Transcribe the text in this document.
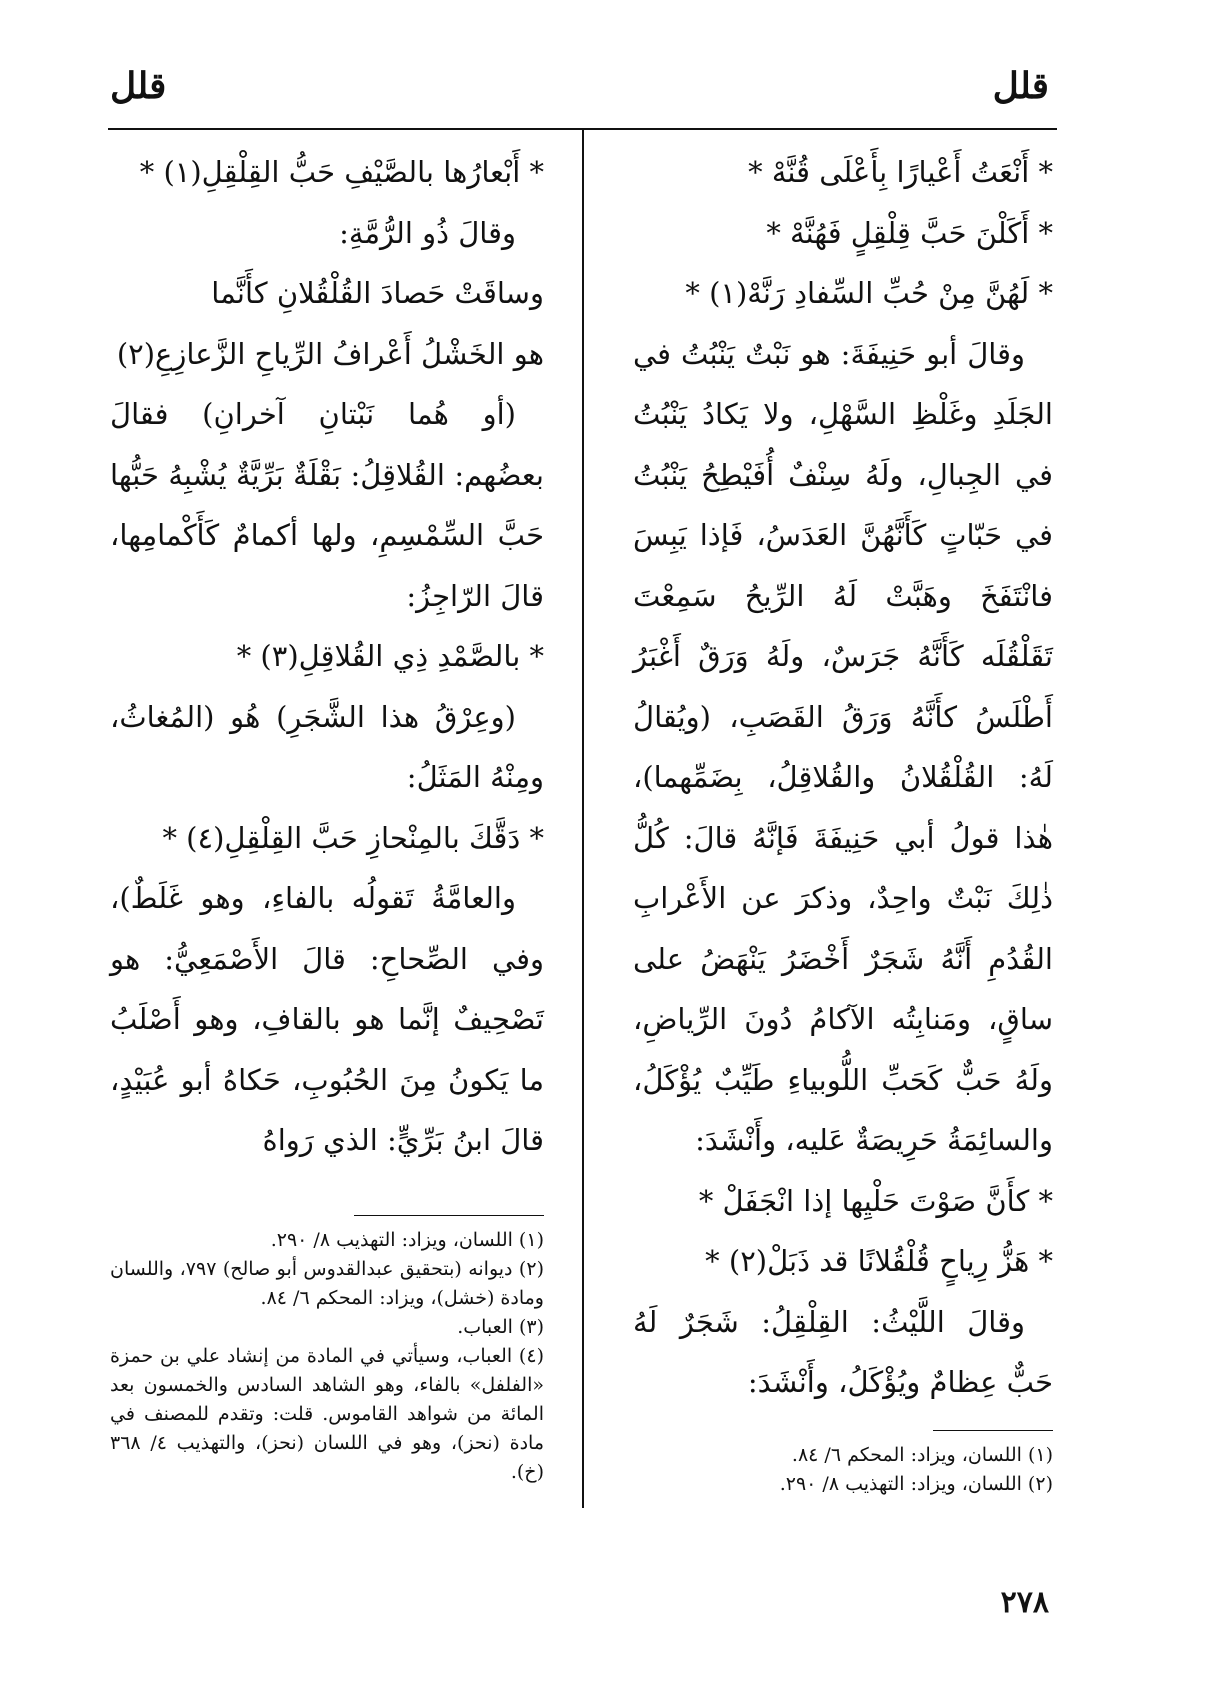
قلل
قلل

* أَنْعَتُ أَعْيارًا بِأَعْلَى قُنَّهْ *

* أَكَلْنَ حَبَّ قِلْقِلٍ فَهُنَّهْ *

* لَهُنَّ مِنْ حُبِّ السِّفادِ رَنَّهْ(١) *

وقالَ أبو حَنِيفَةَ: هو نَبْتٌ يَنْبُتُ في الجَلَدِ وغَلْظِ السَّهْلِ، ولا يَكادُ يَنْبُتُ في الجِبالِ، ولَهُ سِنْفٌ أُفَيْطِحُ يَنْبُتُ في حَبّاتٍ كَأَنَّهُنَّ العَدَسُ، فَإذا يَبِسَ فانْتَفَخَ وهَبَّتْ لَهُ الرِّيحُ سَمِعْتَ تَقَلْقُلَه كَأَنَّهُ جَرَسٌ، ولَهُ وَرَقٌ أَغْبَرُ أَطْلَسُ كأَنَّهُ وَرَقُ القَصَبِ، (ويُقالُ لَهُ: القُلْقُلانُ والقُلاقِلُ، بِضَمِّهما)، هٰذا قولُ أبي حَنِيفَةَ فَإنَّهُ قالَ: كُلُّ ذٰلِكَ نَبْتٌ واحِدٌ، وذكرَ عن الأَعْرابِ القُدُمِ أَنَّهُ شَجَرٌ أَخْضَرُ يَنْهَضُ على ساقٍ، ومَنابِتُه الآكامُ دُونَ الرِّياضِ، ولَهُ حَبٌّ كَحَبِّ اللُّوبياءِ طَيِّبٌ يُؤْكَلُ، والسائِمَةُ حَرِيصَةٌ عَليه، وأَنْشَدَ:

* كأَنَّ صَوْتَ حَلْيِها إذا انْجَفَلْ *

* هَزُّ رِياحٍ قُلْقُلانًا قد ذَبَلْ(٢) *

وقالَ اللَّيْثُ: القِلْقِلُ: شَجَرٌ لَهُ حَبٌّ عِظامٌ ويُؤْكَلُ، وأَنْشَدَ:

* أَبْعارُها بالصَّيْفِ حَبُّ القِلْقِلِ(١) *

وقالَ ذُو الرُّمَّةِ:

وساقَتْ حَصادَ القُلْقُلانِ كأَنَّما

هو الخَشْلُ أَعْرافُ الرِّياحِ الزَّعازِعِ(٢)

(أو هُما نَبْتانِ آخرانِ) فقالَ بعضُهم: القُلاقِلُ: بَقْلَةٌ بَرِّيَّةٌ يُشْبِهُ حَبُّها حَبَّ السِّمْسِمِ، ولها أكمامٌ كَأَكْمامِها، قالَ الرّاجِزُ:

* بالصَّمْدِ ذِي القُلاقِلِ(٣) *

(وعِرْقُ هذا الشَّجَرِ) هُو (المُغاثُ، ومِنْهُ المَثَلُ:

* دَقَّكَ بالمِنْحازِ حَبَّ القِلْقِلِ(٤) *

والعامَّةُ تَقولُه بالفاءِ، وهو غَلَطٌ)، وفي الصِّحاحِ: قالَ الأَصْمَعِيُّ: هو تَصْحِيفٌ إنَّما هو بالقافِ، وهو أَصْلَبُ ما يَكونُ مِنَ الحُبُوبِ، حَكاهُ أبو عُبَيْدٍ، قالَ ابنُ بَرِّيٍّ: الذي رَواهُ

(١) اللسان، ويزاد: المحكم ٦/ ٨٤.

(٢) اللسان، ويزاد: التهذيب ٨/ ٢٩٠.

(١) اللسان، ويزاد: التهذيب ٨/ ٢٩٠.

(٢) ديوانه (بتحقيق عبدالقدوس أبو صالح) ٧٩٧، واللسان ومادة (خشل)، ويزاد: المحكم ٦/ ٨٤.

(٣) العباب.

(٤) العباب، وسيأتي في المادة من إنشاد علي بن حمزة «الفلفل» بالفاء، وهو الشاهد السادس والخمسون بعد المائة من شواهد القاموس. قلت: وتقدم للمصنف في مادة (نحز)، وهو في اللسان (نحز)، والتهذيب ٤/ ٣٦٨ (خ).

٢٧٨
